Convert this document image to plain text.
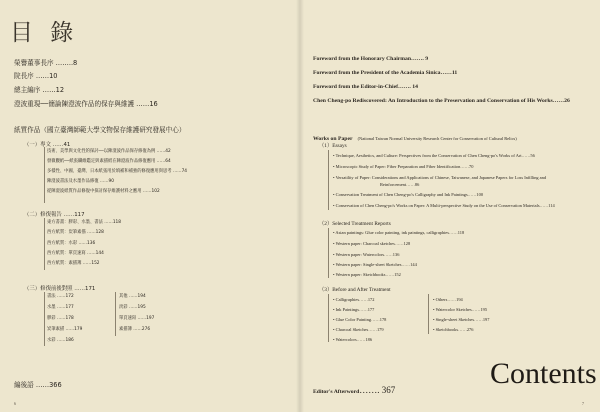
目 錄
榮譽董事長序 ……..8
院長序 ……10
總主編序 ……12
澄波重現──簡論陳澄波作品的保存與維護 ……16
紙質作品（國立臺灣師範大學文物保存維護研究發展中心）
（一）專文 ……41
技術、美學與文化性的探討──以陳澄波作品保存修復為例 ……42
發微觀紙──紙張纖維鑑定與素描紙在陳澄波作品修復應用 ……64
多樣性、中國、臺灣、日本紙張用於填補和補強的修復應用與思考 ……74
陳澄波書法及水墨作品修復 ……90
從陳澄波紙質作品修復中探討保存維護材料之應用 ……102
（二）修復報告 ……117
東方書畫：膠彩、水墨、書法 ……118
西方紙質：炭筆素描 ……128
西方紙質：水彩 ……136
西方紙質：單頁速寫 ……144
西方紙質：素描簿 ……152
（三）修復前後對照 ……171
書法 ……172
水墨 ……177
膠彩 ……178
炭筆素描 ……179
水彩 ……186
其他 ……194
淡彩 ……195
單頁速寫 ……197
素描簿 ……276
編後語 ……366
6
Foreword from the Honorary Chairman……. 9
Foreword from the President of the Academia Sinica……11
Foreword from the Editor-in-Chief……. 14
Chen Cheng-po Rediscovered: An Introduction to the Preservation and Conservation of His Works……26
Works on Paper (National Taiwan Normal University Research Center for Conservation of Cultural Relics)
（1）Essays
• Technique, Aesthetics, and Culture: Perspectives from the Conservation of Chen Cheng-po's Works of Art……56
• Microscopic Study of Paper: Fiber Preparation and Fiber Identification……70
• Versatility of Paper: Considerations and Applications of Chinese, Taiwanese, and Japanese Papers for Loss Infilling and
Reinforcement……86
• Conservation Treatment of Chen Cheng-po's Calligraphy and Ink Paintings……100
• Conservation of Chen Cheng-po's Works on Paper: A Multi-perspective Study on the Use of Conservation Materials……114
（2）Selected Treatment Reports
• Asian paintings: Glue color painting, ink paintings, calligraphies……118
• Western paper: Charcoal sketches……128
• Western paper: Watercolors……136
• Western paper: Single-sheet Sketches……144
• Western paper: Sketchbooks……152
（3）Before and After Treatment
• Calligraphies……172
• Ink Paintings……177
• Glue Color Painting……178
• Charcoal Sketches……179
• Watercolors……186
• Others……194
• Watercolor Sketches……195
• Single-sheet Sketches……197
• Sketchbooks……276
Editor's Afterword……. 367
7
Contents
